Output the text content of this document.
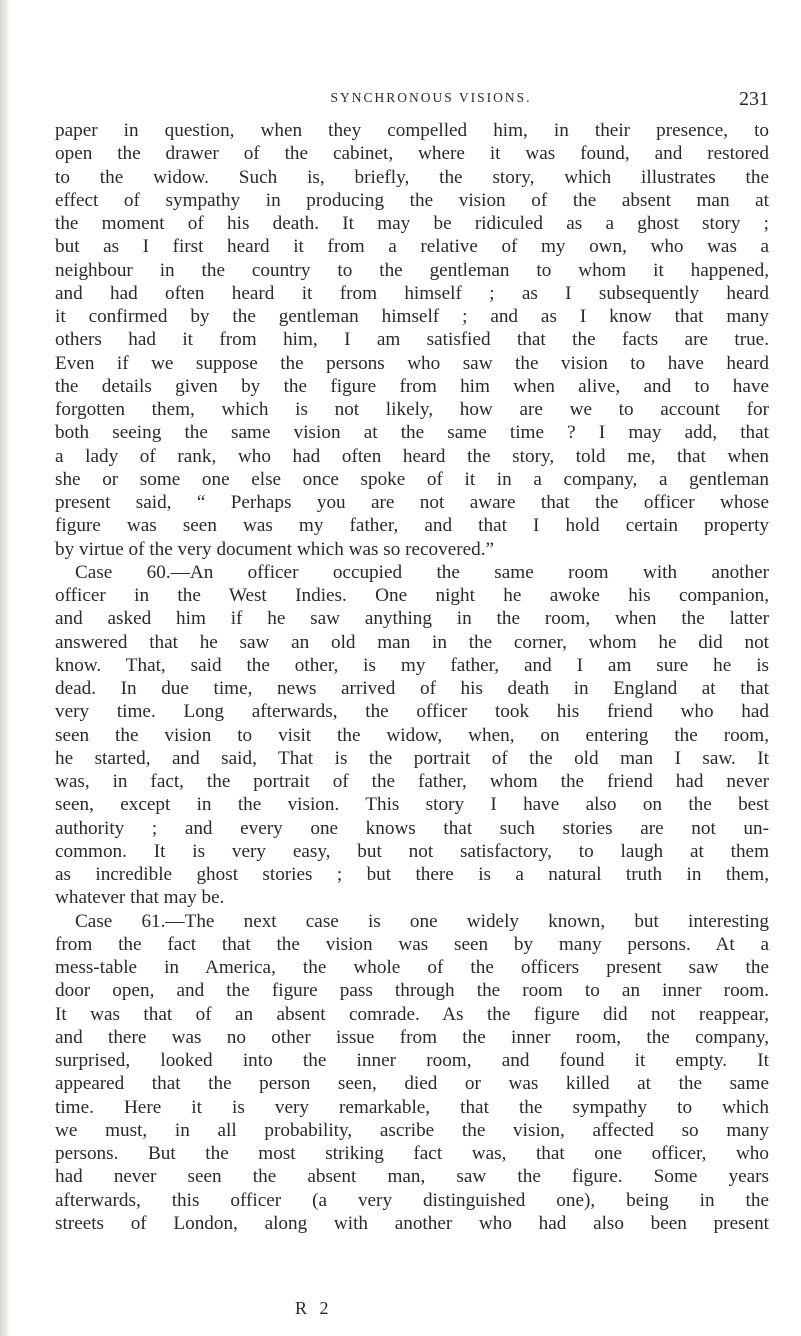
SYNCHRONOUS VISIONS.	231
paper in question, when they compelled him, in their presence, to
open the drawer of the cabinet, where it was found, and restored
to the widow. Such is, briefly, the story, which illustrates the
effect of sympathy in producing the vision of the absent man at
the moment of his death. It may be ridiculed as a ghost story ;
but as I first heard it from a relative of my own, who was a
neighbour in the country to the gentleman to whom it happened,
and had often heard it from himself ; as I subsequently heard
it confirmed by the gentleman himself ; and as I know that many
others had it from him, I am satisfied that the facts are true.
Even if we suppose the persons who saw the vision to have heard
the details given by the figure from him when alive, and to have
forgotten them, which is not likely, how are we to account for
both seeing the same vision at the same time ? I may add, that
a lady of rank, who had often heard the story, told me, that when
she or some one else once spoke of it in a company, a gentleman
present said, “ Perhaps you are not aware that the officer whose
figure was seen was my father, and that I hold certain property
by virtue of the very document which was so recovered.”
Case 60.—An officer occupied the same room with another
officer in the West Indies. One night he awoke his companion,
and asked him if he saw anything in the room, when the latter
answered that he saw an old man in the corner, whom he did not
know. That, said the other, is my father, and I am sure he is
dead. In due time, news arrived of his death in England at that
very time. Long afterwards, the officer took his friend who had
seen the vision to visit the widow, when, on entering the room,
he started, and said, That is the portrait of the old man I saw. It
was, in fact, the portrait of the father, whom the friend had never
seen, except in the vision. This story I have also on the best
authority ; and every one knows that such stories are not un-
common. It is very easy, but not satisfactory, to laugh at them
as incredible ghost stories ; but there is a natural truth in them,
whatever that may be.
Case 61.—The next case is one widely known, but interesting
from the fact that the vision was seen by many persons. At a
mess-table in America, the whole of the officers present saw the
door open, and the figure pass through the room to an inner room.
It was that of an absent comrade. As the figure did not reappear,
and there was no other issue from the inner room, the company,
surprised, looked into the inner room, and found it empty. It
appeared that the person seen, died or was killed at the same
time. Here it is very remarkable, that the sympathy to which
we must, in all probability, ascribe the vision, affected so many
persons. But the most striking fact was, that one officer, who
had never seen the absent man, saw the figure. Some years
afterwards, this officer (a very distinguished one), being in the
streets of London, along with another who had also been present
R 2
